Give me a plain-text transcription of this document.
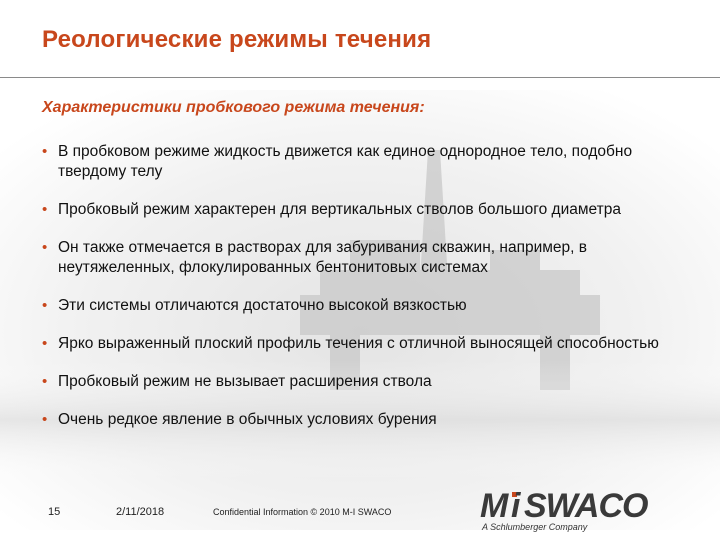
Реологические режимы течения
Характеристики пробкового режима течения:
• В пробковом режиме жидкость движется как единое однородное тело, подобно твердому телу
• Пробковый режим характерен для вертикальных стволов большого диаметра
• Он также отмечается в растворах для забуривания скважин, например, в неутяжеленных, флокулированных бентонитовых системах
• Эти системы отличаются достаточно высокой вязкостью
• Ярко выраженный плоский профиль течения с отличной выносящей способностью
• Пробковый режим не вызывает расширения ствола
• Очень редкое явление в обычных условиях бурения
15	2/11/2018	Confidential Information © 2010 M-I SWACO	M i SWACO
A Schlumberger Company
